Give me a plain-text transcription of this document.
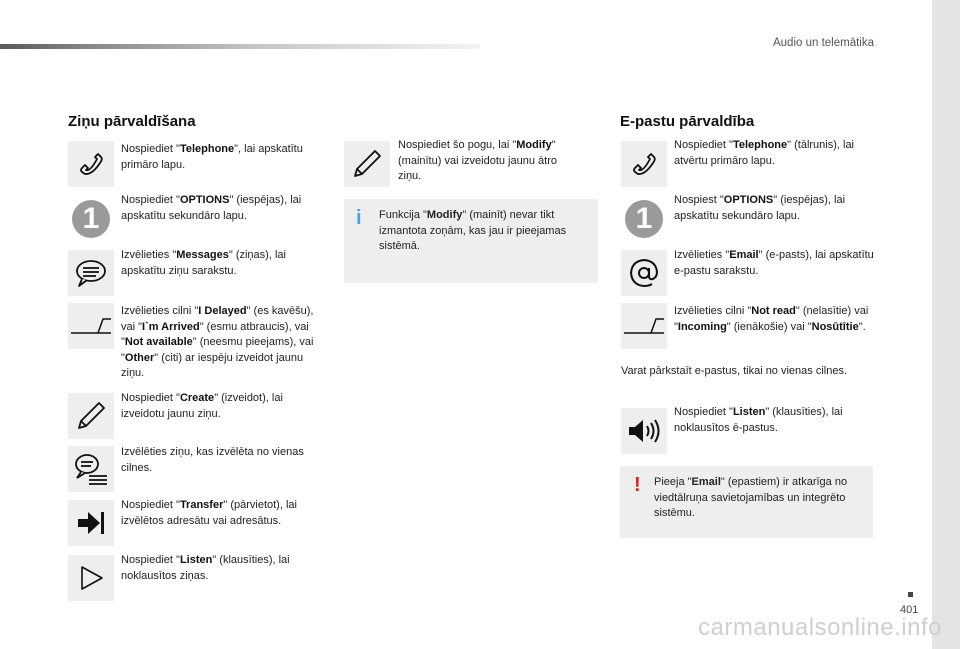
Audio un telemātika
Ziņu pārvaldīšana
Nospiediet "Telephone", lai apskatītu primāro lapu.
1
Nospiediet "OPTIONS" (iespējas), lai apskatītu sekundāro lapu.
Izvēlieties "Messages" (ziņas), lai apskatītu ziņu sarakstu.
Izvēlieties cilni "I Delayed" (es kavēšu), vai "I`m Arrived" (esmu atbraucis), vai "Not available" (neesmu pieejams), vai "Other" (citi) ar iespēju izveidot jaunu ziņu.
Nospiediet "Create" (izveidot), lai izveidotu jaunu ziņu.
Izvēlēties ziņu, kas izvēlēta no vienas cilnes.
Nospiediet "Transfer" (pārvietot), lai izvēlētos adresātu vai adresātus.
Nospiediet "Listen" (klausīties), lai noklausītos ziņas.
Nospiediet šo pogu, lai "Modify" (mainītu) vai izveidotu jaunu ātro ziņu.
i Funkcija "Modify" (mainīt) nevar tikt izmantota zoņām, kas jau ir pieejamas sistēmā.
E-pastu pārvaldība
Nospiediet "Telephone" (tālrunis), lai atvērtu primāro lapu.
1
Nospiest "OPTIONS" (iespējas), lai apskatītu sekundāro lapu.
Izvēlieties "Email" (e-pasts), lai apskatītu e-pastu sarakstu.
Izvēlieties cilni "Not read" (nelasītie) vai "Incoming" (ienākošie) vai "Nosūtītie".
Varat pārkstaīt e-pastus, tikai no vienas cilnes.
Nospiediet "Listen" (klausīties), lai noklausītos ē-pastus.
! Pieeja "Email" (epastiem) ir atkarīga no viedtālruņa savietojamības un integrēto sistēmu.
401
carmanualsonline.info
